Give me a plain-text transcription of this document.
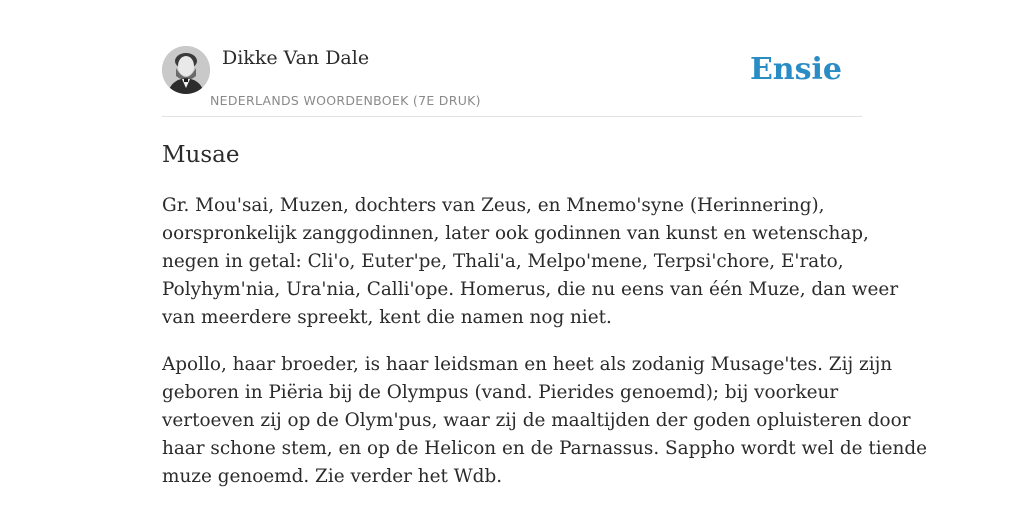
Dikke Van Dale
NEDERLANDS WOORDENBOEK (7E DRUK)
Ensie
Musae

Gr. Mou'sai, Muzen, dochters van Zeus, en Mnemo'syne (Herinnering),
oorspronkelijk zanggodinnen, later ook godinnen van kunst en wetenschap,
negen in getal: Cli'o, Euter'pe, Thali'a, Melpo'mene, Terpsi'chore, E'rato,
Polyhym'nia, Ura'nia, Calli'ope. Homerus, die nu eens van één Muze, dan weer
van meerdere spreekt, kent die namen nog niet.

Apollo, haar broeder, is haar leidsman en heet als zodanig Musage'tes. Zij zijn
geboren in Piëria bij de Olympus (vand. Pierides genoemd); bij voorkeur
vertoeven zij op de Olym'pus, waar zij de maaltijden der goden opluisteren door
haar schone stem, en op de Helicon en de Parnassus. Sappho wordt wel de tiende
muze genoemd. Zie verder het Wdb.
